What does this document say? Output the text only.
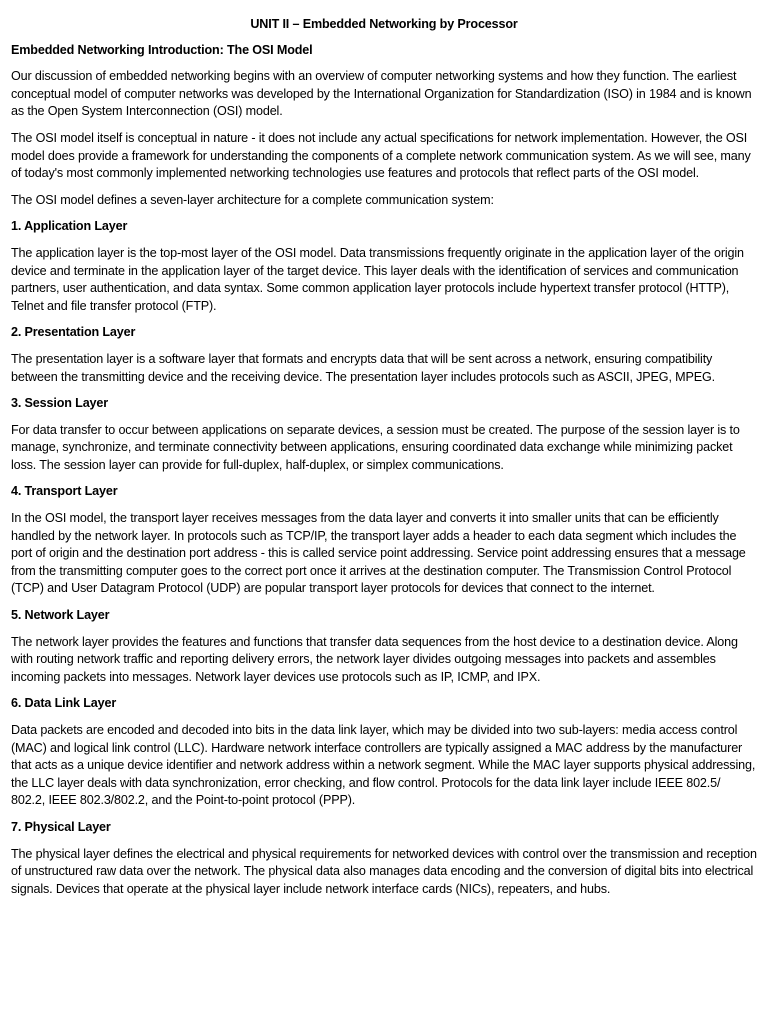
UNIT II – Embedded Networking by Processor
Embedded Networking Introduction: The OSI Model

Our discussion of embedded networking begins with an overview of computer networking systems and how they function. The earliest conceptual model of computer networks was developed by the International Organization for Standardization (ISO) in 1984 and is known as the Open System Interconnection (OSI) model.

The OSI model itself is conceptual in nature - it does not include any actual specifications for network implementation. However, the OSI model does provide a framework for understanding the components of a complete network communication system. As we will see, many of today's most commonly implemented networking technologies use features and protocols that reflect parts of the OSI model.

The OSI model defines a seven-layer architecture for a complete communication system:

1. Application Layer

The application layer is the top-most layer of the OSI model. Data transmissions frequently originate in the application layer of the origin device and terminate in the application layer of the target device. This layer deals with the identification of services and communication partners, user authentication, and data syntax. Some common application layer protocols include hypertext transfer protocol (HTTP), Telnet and file transfer protocol (FTP).

2. Presentation Layer

The presentation layer is a software layer that formats and encrypts data that will be sent across a network, ensuring compatibility between the transmitting device and the receiving device. The presentation layer includes protocols such as ASCII, JPEG, MPEG.

3. Session Layer

For data transfer to occur between applications on separate devices, a session must be created. The purpose of the session layer is to manage, synchronize, and terminate connectivity between applications, ensuring coordinated data exchange while minimizing packet loss. The session layer can provide for full-duplex, half-duplex, or simplex communications.

4. Transport Layer

In the OSI model, the transport layer receives messages from the data layer and converts it into smaller units that can be efficiently handled by the network layer. In protocols such as TCP/IP, the transport layer adds a header to each data segment which includes the port of origin and the destination port address - this is called service point addressing. Service point addressing ensures that a message from the transmitting computer goes to the correct port once it arrives at the destination computer. The Transmission Control Protocol (TCP) and User Datagram Protocol (UDP) are popular transport layer protocols for devices that connect to the internet.

5. Network Layer

The network layer provides the features and functions that transfer data sequences from the host device to a destination device. Along with routing network traffic and reporting delivery errors, the network layer divides outgoing messages into packets and assembles incoming packets into messages. Network layer devices use protocols such as IP, ICMP, and IPX.

6. Data Link Layer

Data packets are encoded and decoded into bits in the data link layer, which may be divided into two sub-layers: media access control (MAC) and logical link control (LLC). Hardware network interface controllers are typically assigned a MAC address by the manufacturer that acts as a unique device identifier and network address within a network segment. While the MAC layer supports physical addressing, the LLC layer deals with data synchronization, error checking, and flow control. Protocols for the data link layer include IEEE 802.5/ 802.2, IEEE 802.3/802.2, and the Point-to-point protocol (PPP).

7. Physical Layer

The physical layer defines the electrical and physical requirements for networked devices with control over the transmission and reception of unstructured raw data over the network. The physical data also manages data encoding and the conversion of digital bits into electrical signals. Devices that operate at the physical layer include network interface cards (NICs), repeaters, and hubs.
